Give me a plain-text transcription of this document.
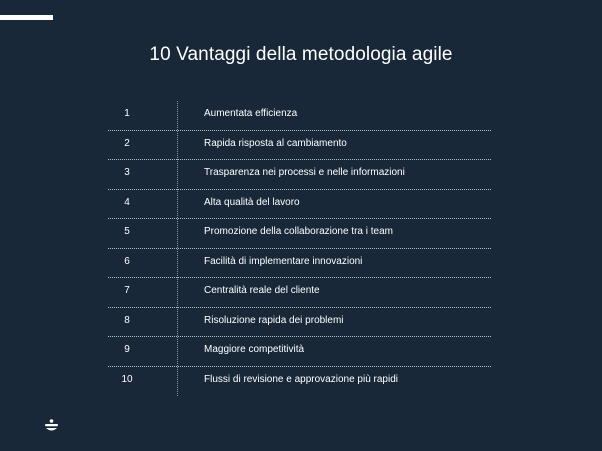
10 Vantaggi della metodologia agile
1	Aumentata efficienza
2	Rapida risposta al cambiamento
3	Trasparenza nei processi e nelle informazioni
4	Alta qualità del lavoro
5	Promozione della collaborazione tra i team
6	Facilità di implementare innovazioni
7	Centralità reale del cliente
8	Risoluzione rapida dei problemi
9	Maggiore competitività
10	Flussi di revisione e approvazione più rapidi
